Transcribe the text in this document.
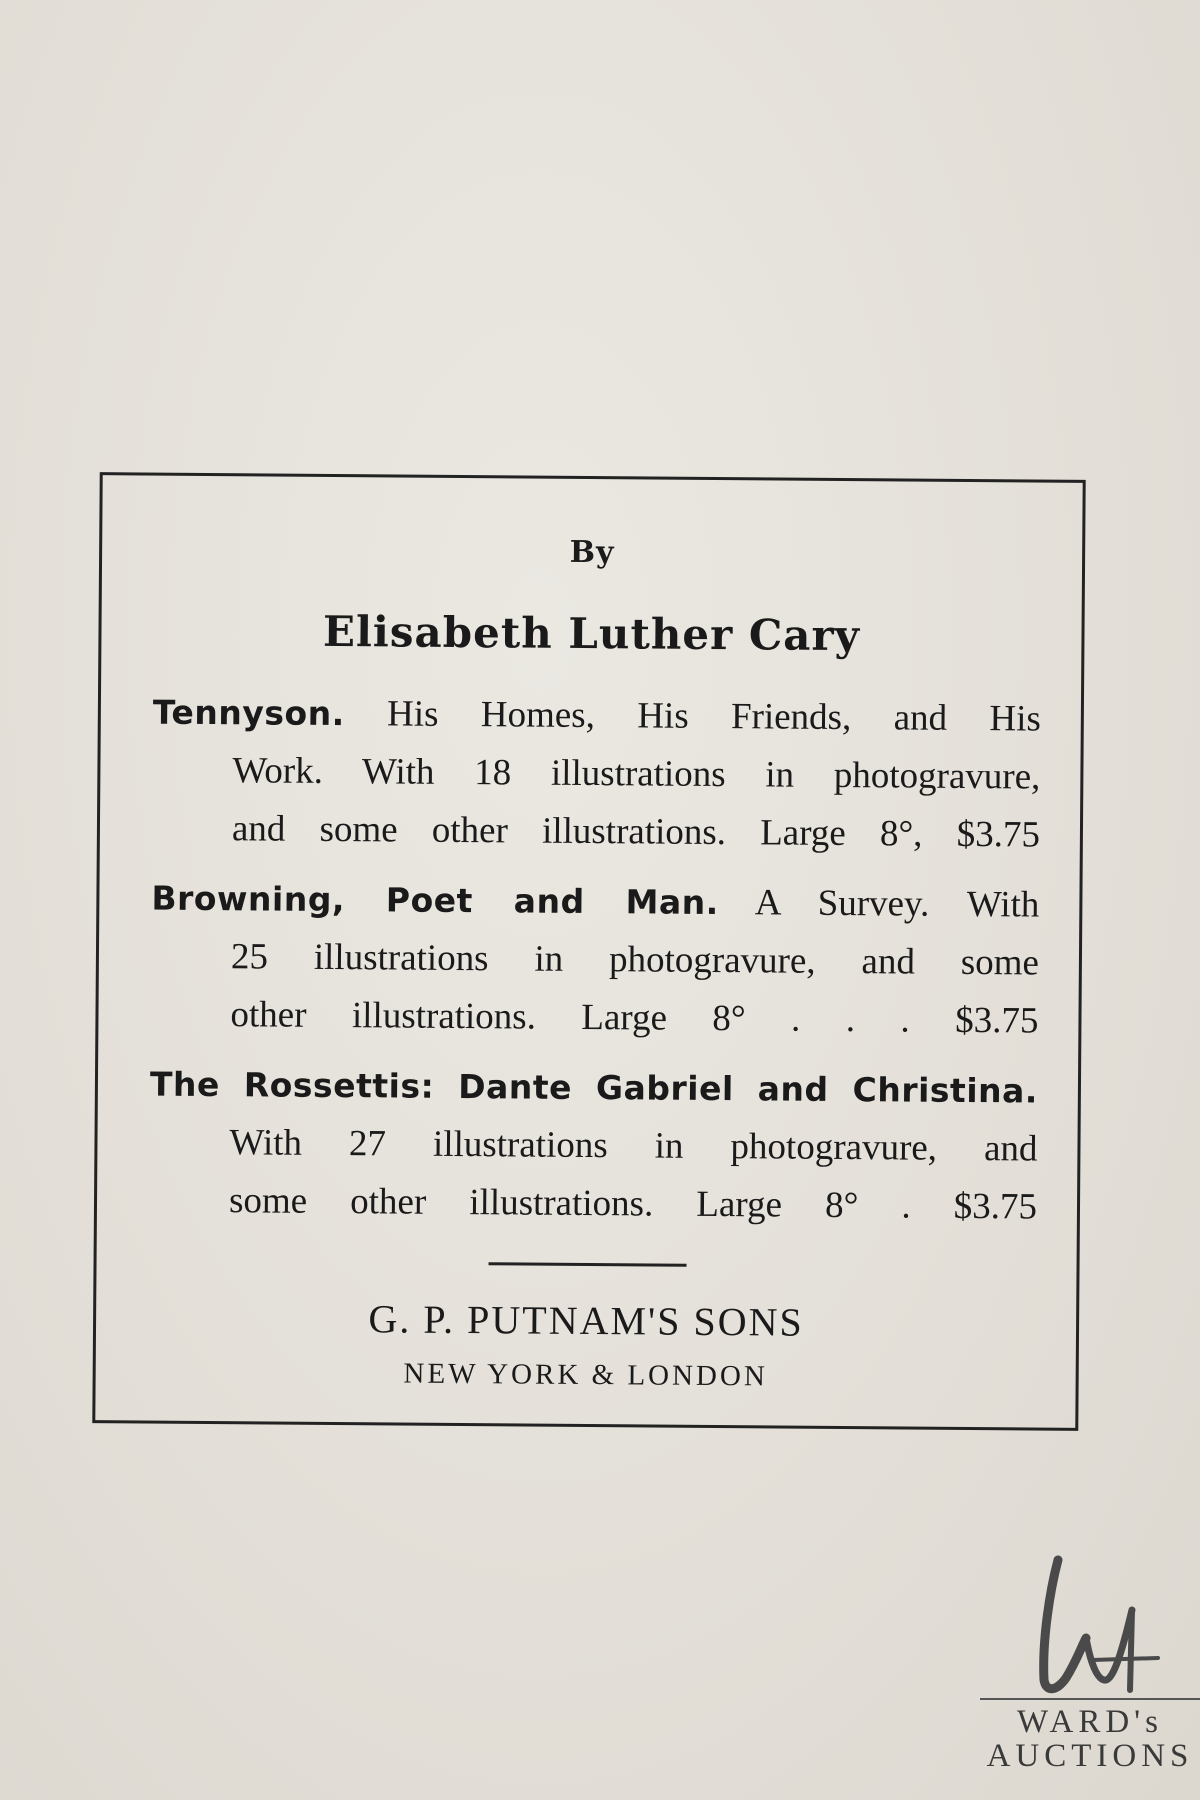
By
Elisabeth Luther Cary
Tennyson. His Homes, His Friends, and His
Work. With 18 illustrations in photogravure,
and some other illustrations. Large 8°, $3.75
Browning, Poet and Man. A Survey. With
25 illustrations in photogravure, and some
other illustrations. Large 8° . . . $3.75
The Rossettis: Dante Gabriel and Christina.
With 27 illustrations in photogravure, and
some other illustrations. Large 8° . $3.75
G. P. PUTNAM'S SONS
NEW YORK & LONDON
WARD's
AUCTIONS
